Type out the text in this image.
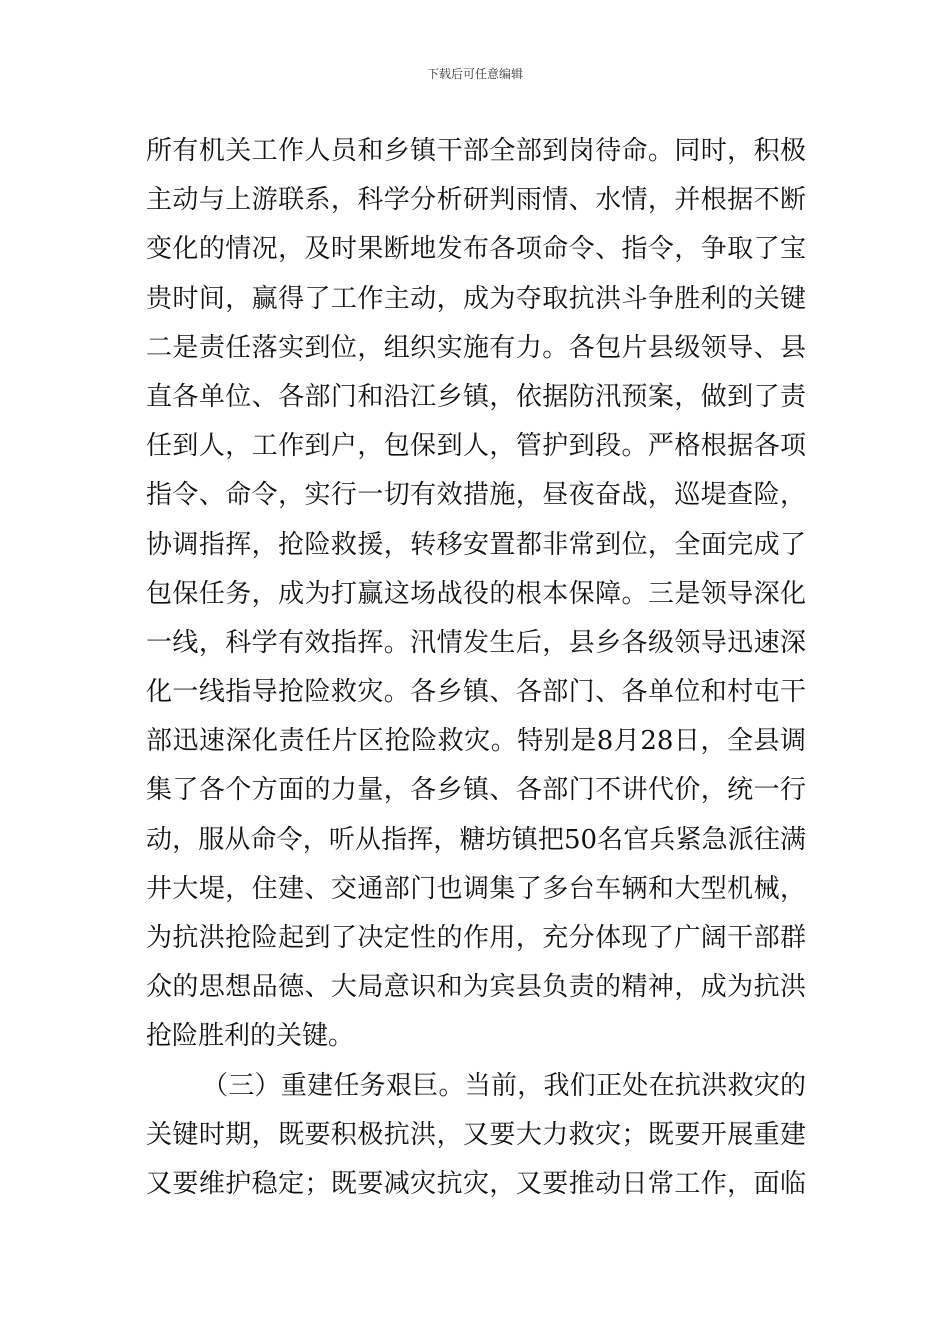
下载后可任意编辑
所有机关工作人员和乡镇干部全部到岗待命。同时，积极
主动与上游联系，科学分析研判雨情、水情，并根据不断
变化的情况，及时果断地发布各项命令、指令，争取了宝
贵时间，赢得了工作主动，成为夺取抗洪斗争胜利的关键
二是责任落实到位，组织实施有力。各包片县级领导、县
直各单位、各部门和沿江乡镇，依据防汛预案，做到了责
任到人，工作到户，包保到人，管护到段。严格根据各项
指令、命令，实行一切有效措施，昼夜奋战，巡堤查险，
协调指挥，抢险救援，转移安置都非常到位，全面完成了
包保任务，成为打赢这场战役的根本保障。三是领导深化
一线，科学有效指挥。汛情发生后，县乡各级领导迅速深
化一线指导抢险救灾。各乡镇、各部门、各单位和村屯干
部迅速深化责任片区抢险救灾。特别是8月28日，全县调
集了各个方面的力量，各乡镇、各部门不讲代价，统一行
动，服从命令，听从指挥，糖坊镇把50名官兵紧急派往满
井大堤，住建、交通部门也调集了多台车辆和大型机械，
为抗洪抢险起到了决定性的作用，充分体现了广阔干部群
众的思想品德、大局意识和为宾县负责的精神，成为抗洪
抢险胜利的关键。
（三）重建任务艰巨。当前，我们正处在抗洪救灾的
关键时期，既要积极抗洪，又要大力救灾；既要开展重建
又要维护稳定；既要减灾抗灾，又要推动日常工作，面临
